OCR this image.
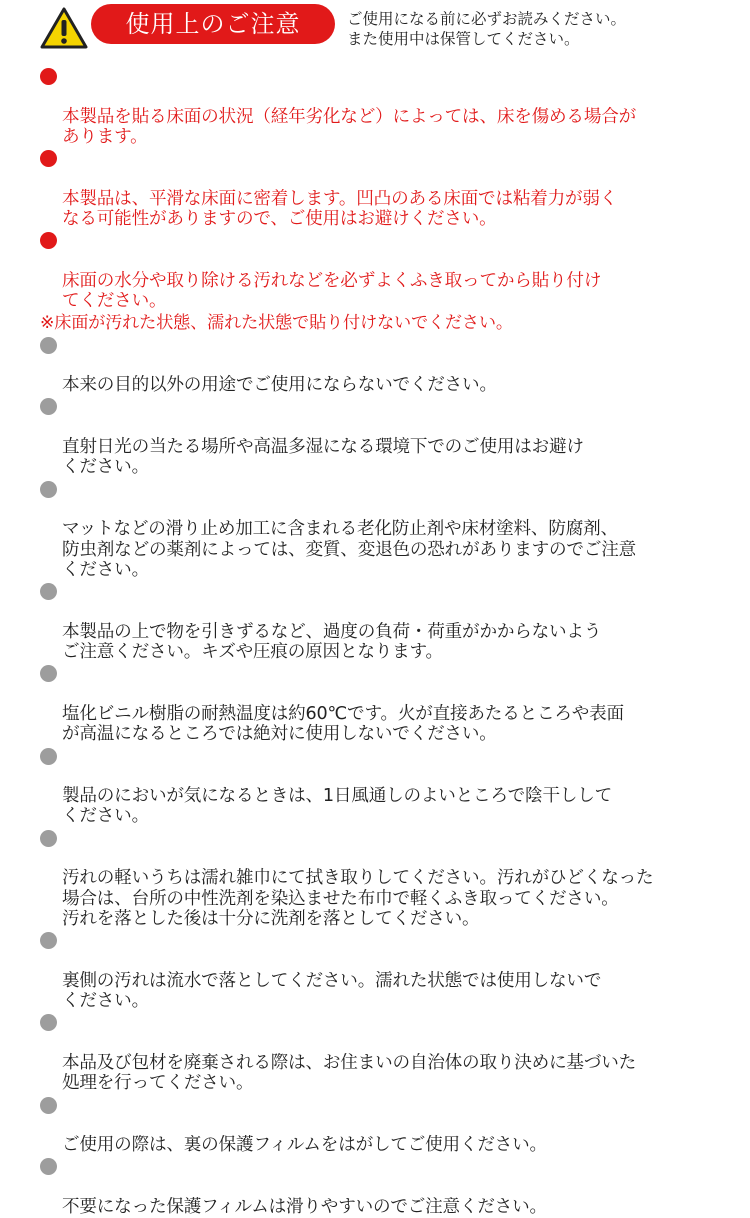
使用上のご注意	ご使用になる前に必ずお読みください。
また使用中は保管してください。

本製品を貼る床面の状況（経年劣化など）によっては、床を傷める場合が
あります。

本製品は、平滑な床面に密着します。凹凸のある床面では粘着力が弱く
なる可能性がありますので、ご使用はお避けください。

床面の水分や取り除ける汚れなどを必ずよくふき取ってから貼り付け
てください。

※床面が汚れた状態、濡れた状態で貼り付けないでください。

本来の目的以外の用途でご使用にならないでください。

直射日光の当たる場所や高温多湿になる環境下でのご使用はお避け
ください。

マットなどの滑り止め加工に含まれる老化防止剤や床材塗料、防腐剤、
防虫剤などの薬剤によっては、変質、変退色の恐れがありますのでご注意
ください。

本製品の上で物を引きずるなど、過度の負荷・荷重がかからないよう
ご注意ください。キズや圧痕の原因となります。

塩化ビニル樹脂の耐熱温度は約60℃です。火が直接あたるところや表面
が高温になるところでは絶対に使用しないでください。

製品のにおいが気になるときは、1日風通しのよいところで陰干しして
ください。

汚れの軽いうちは濡れ雑巾にて拭き取りしてください。汚れがひどくなった
場合は、台所の中性洗剤を染込ませた布巾で軽くふき取ってください。
汚れを落とした後は十分に洗剤を落としてください。

裏側の汚れは流水で落としてください。濡れた状態では使用しないで
ください。

本品及び包材を廃棄される際は、お住まいの自治体の取り決めに基づいた
処理を行ってください。

ご使用の際は、裏の保護フィルムをはがしてご使用ください。

不要になった保護フィルムは滑りやすいのでご注意ください。
